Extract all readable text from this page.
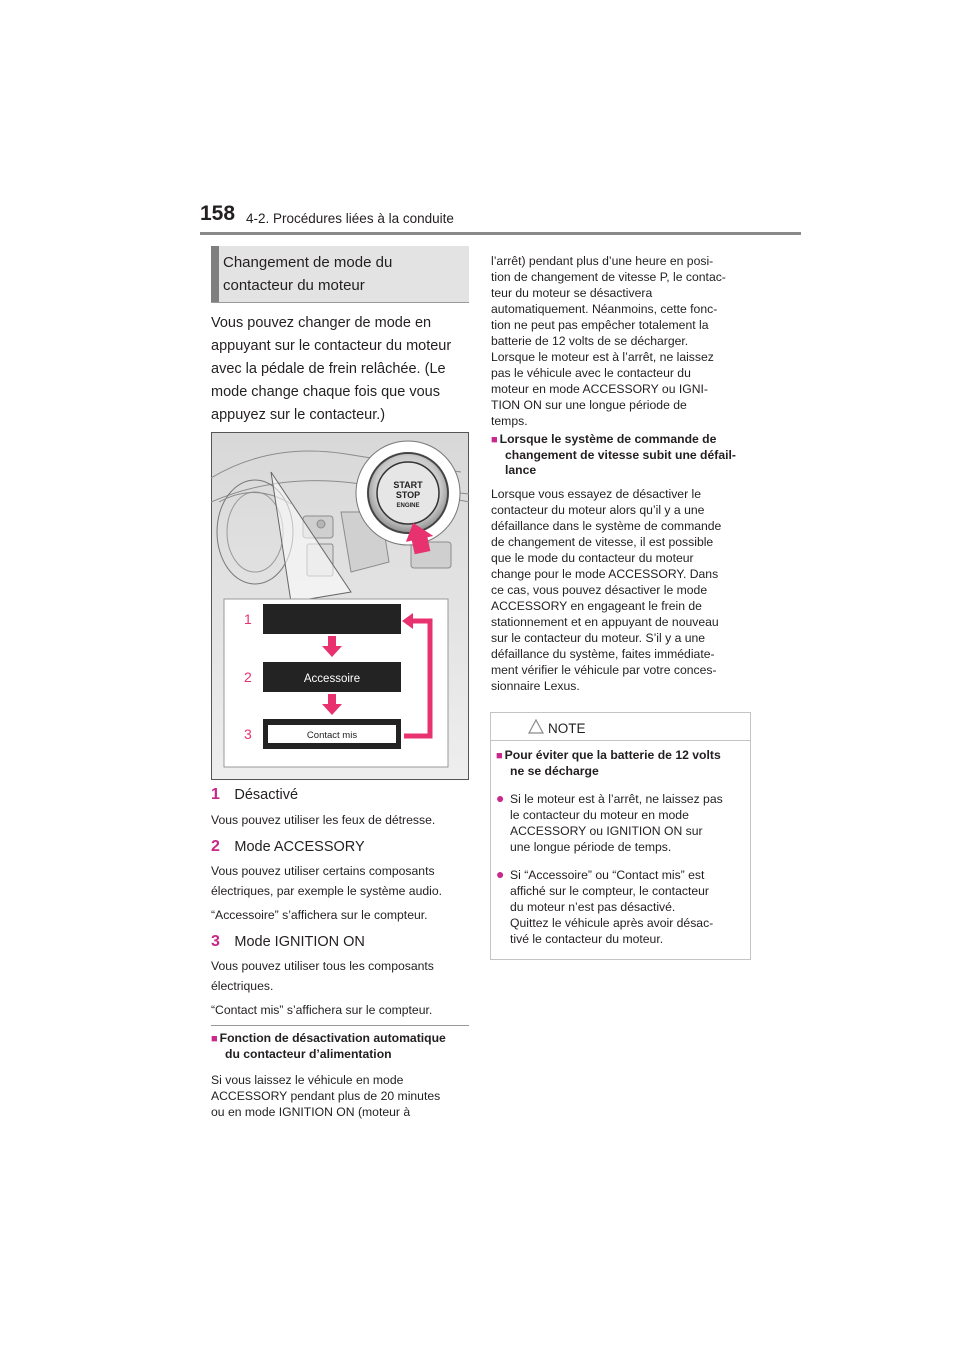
158 4-2. Procédures liées à la conduite
Changement de mode du contacteur du moteur
Vous pouvez changer de mode en
appuyant sur le contacteur du moteur
avec la pédale de frein relâchée. (Le
mode change chaque fois que vous
appuyez sur le contacteur.)
START
STOP
ENGINE
1
2	Accessoire
3	Contact mis
1 Désactivé
Vous pouvez utiliser les feux de détresse.
2 Mode ACCESSORY
Vous pouvez utiliser certains composants
électriques, par exemple le système audio.
“Accessoire” s’affichera sur le compteur.
3 Mode IGNITION ON
Vous pouvez utiliser tous les composants
électriques.
“Contact mis” s’affichera sur le compteur.
■ Fonction de désactivation automatique
du contacteur d’alimentation
Si vous laissez le véhicule en mode
ACCESSORY pendant plus de 20 minutes
ou en mode IGNITION ON (moteur à
l’arrêt) pendant plus d’une heure en posi-
tion de changement de vitesse P, le contac-
teur du moteur se désactivera
automatiquement. Néanmoins, cette fonc-
tion ne peut pas empêcher totalement la
batterie de 12 volts de se décharger.
Lorsque le moteur est à l’arrêt, ne laissez
pas le véhicule avec le contacteur du
moteur en mode ACCESSORY ou IGNI-
TION ON sur une longue période de
temps.
■ Lorsque le système de commande de
changement de vitesse subit une défail-
lance
Lorsque vous essayez de désactiver le
contacteur du moteur alors qu’il y a une
défaillance dans le système de commande
de changement de vitesse, il est possible
que le mode du contacteur du moteur
change pour le mode ACCESSORY. Dans
ce cas, vous pouvez désactiver le mode
ACCESSORY en engageant le frein de
stationnement et en appuyant de nouveau
sur le contacteur du moteur. S’il y a une
défaillance du système, faites immédiate-
ment vérifier le véhicule par votre conces-
sionnaire Lexus.
NOTE
■ Pour éviter que la batterie de 12 volts
ne se décharge
● Si le moteur est à l’arrêt, ne laissez pas
le contacteur du moteur en mode
ACCESSORY ou IGNITION ON sur
une longue période de temps.
● Si “Accessoire” ou “Contact mis” est
affiché sur le compteur, le contacteur
du moteur n’est pas désactivé.
Quittez le véhicule après avoir désac-
tivé le contacteur du moteur.
